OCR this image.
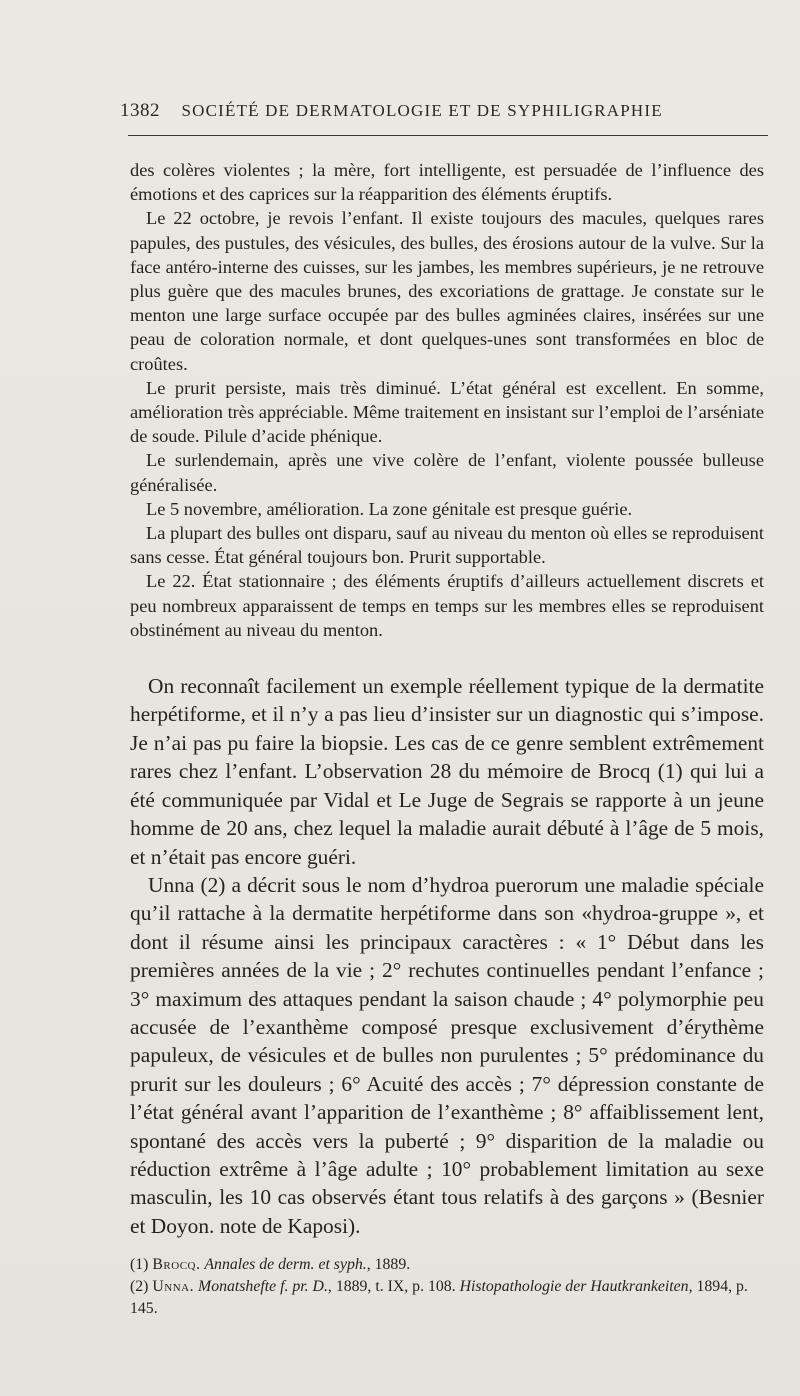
1382 SOCIÉTÉ DE DERMATOLOGIE ET DE SYPHILIGRAPHIE

des colères violentes ; la mère, fort intelligente, est persuadée de l’influence des émotions et des caprices sur la réapparition des éléments éruptifs.

Le 22 octobre, je revois l’enfant. Il existe toujours des macules, quelques rares papules, des pustules, des vésicules, des bulles, des érosions autour de la vulve. Sur la face antéro-interne des cuisses, sur les jambes, les membres supérieurs, je ne retrouve plus guère que des macules brunes, des excoriations de grattage. Je constate sur le menton une large surface occupée par des bulles agminées claires, insérées sur une peau de coloration normale, et dont quelques-unes sont transformées en bloc de croûtes.

Le prurit persiste, mais très diminué. L’état général est excellent. En somme, amélioration très appréciable. Même traitement en insistant sur l’emploi de l’arséniate de soude. Pilule d’acide phénique.

Le surlendemain, après une vive colère de l’enfant, violente poussée bulleuse généralisée.

Le 5 novembre, amélioration. La zone génitale est presque guérie.

La plupart des bulles ont disparu, sauf au niveau du menton où elles se reproduisent sans cesse. État général toujours bon. Prurit supportable.

Le 22. État stationnaire ; des éléments éruptifs d’ailleurs actuellement discrets et peu nombreux apparaissent de temps en temps sur les membres elles se reproduisent obstinément au niveau du menton.

On reconnaît facilement un exemple réellement typique de la dermatite herpétiforme, et il n’y a pas lieu d’insister sur un diagnostic qui s’impose. Je n’ai pas pu faire la biopsie. Les cas de ce genre semblent extrêmement rares chez l’enfant. L’observation 28 du mémoire de Brocq (1) qui lui a été communiquée par Vidal et Le Juge de Segrais se rapporte à un jeune homme de 20 ans, chez lequel la maladie aurait débuté à l’âge de 5 mois, et n’était pas encore guéri.

Unna (2) a décrit sous le nom d’hydroa puerorum une maladie spéciale qu’il rattache à la dermatite herpétiforme dans son «hydroa-gruppe », et dont il résume ainsi les principaux caractères : « 1° Début dans les premières années de la vie ; 2° rechutes continuelles pendant l’enfance ; 3° maximum des attaques pendant la saison chaude ; 4° polymorphie peu accusée de l’exanthème composé presque exclusivement d’érythème papuleux, de vésicules et de bulles non purulentes ; 5° prédominance du prurit sur les douleurs ; 6° Acuité des accès ; 7° dépression constante de l’état général avant l’apparition de l’exanthème ; 8° affaiblissement lent, spontané des accès vers la puberté ; 9° disparition de la maladie ou réduction extrême à l’âge adulte ; 10° probablement limitation au sexe masculin, les 10 cas observés étant tous relatifs à des garçons » (Besnier et Doyon. note de Kaposi).

(1) Brocq. Annales de derm. et syph., 1889.

(2) Unna. Monatshefte f. pr. D., 1889, t. IX, p. 108. Histopathologie der Hautkrankeiten, 1894, p. 145.
